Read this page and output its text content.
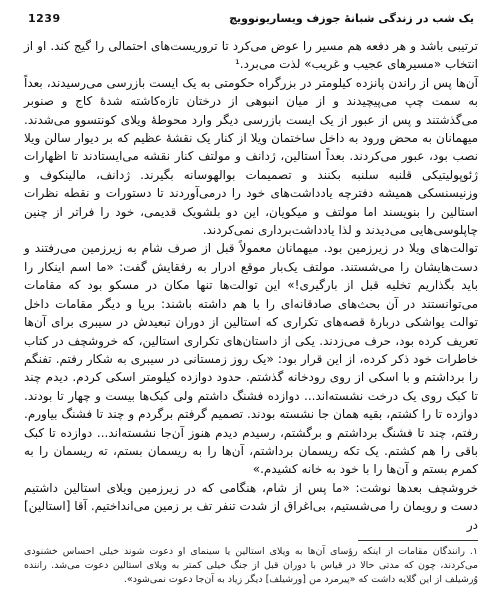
یک شب در زندگی شبانهٔ جوزف ویساریونوویچ
1239

ترتیبی باشد و هر دفعه هم مسیر را عوض می‌کرد تا تروریست‌های احتمالی را گیج کند. او از انتخاب «مسیرهای عجیب و غریب» لذت می‌برد.¹

آن‌ها پس از راندن پانزده کیلومتر در بزرگراه حکومتی به یک ایست بازرسی می‌رسیدند، بعداً به سمت چپ می‌پیچیدند و از میان انبوهی از درختان تازه‌کاشته شدهٔ کاج و صنوبر می‌گذشتند و پس از عبور از یک ایست بازرسی دیگر وارد محوطهٔ ویلای کونتسوو می‌شدند. میهمانان به محض ورود به داخل ساختمان ویلا از کنار یک نقشهٔ عظیم که بر دیوار سالن ویلا نصب بود، عبور می‌کردند. بعداً استالین، ژدانف و مولتف کنار نقشه می‌ایستادند تا اظهارات ژئوپولیتیکی قلنبه سلنبه بکنند و تصمیمات بوالهوسانه بگیرند. ژدانف، مالینکوف و وزنیسنسکی همیشه دفترچه یادداشت‌های خود را درمی‌آوردند تا دستورات و نقطه نظرات استالین را بنویسند اما مولتف و میکویان، این دو بلشویک قدیمی، خود را فراتر از چنین چاپلوسی‌هایی می‌دیدند و لذا یادداشت‌برداری نمی‌کردند.

توالت‌های ویلا در زیرزمین بود. میهمانان معمولاً قبل از صرف شام به زیرزمین می‌رفتند و دست‌هایشان را می‌شستند. مولتف یک‌بار موقع ادرار به رفقایش گفت: «ما اسم اینکار را باید بگذاریم تخلیه قبل از بارگیری!» این توالت‌ها تنها مکان در مسکو بود که مقامات می‌توانستند در آن بحث‌های صادقانه‌ای را با هم داشته باشند: بریا و دیگر مقامات داخل توالت یواشکی دربارهٔ قصه‌های تکراری که استالین از دوران تبعیدش در سیبری برای آن‌ها تعریف کرده بود، حرف می‌زدند. یکی از داستان‌های تکراری استالین، که خروشچف در کتاب خاطرات خود ذکر کرده، از این قرار بود: «یک روز زمستانی در سیبری به شکار رفتم. تفنگم را برداشتم و با اسکی از روی رودخانه گذشتم. حدود دوازده کیلومتر اسکی کردم. دیدم چند تا کبک روی یک درخت نشسته‌اند... دوازده فشنگ داشتم ولی کبک‌ها بیست و چهار تا بودند. دوازده تا را کشتم، بقیه همان جا نشسته بودند. تصمیم گرفتم برگردم و چند تا فشنگ بیاورم. رفتم، چند تا فشنگ برداشتم و برگشتم، رسیدم دیدم هنوز آن‌جا نشسته‌اند... دوازده تا کبک باقی را هم کشتم. یک تکه ریسمان برداشتم، آن‌ها را به ریسمان بستم، ته ریسمان را به کمرم بستم و آن‌ها را با خود به خانه کشیدم.»

خروشچف بعدها نوشت: «ما پس از شام، هنگامی که در زیرزمین ویلای استالین داشتیم دست و رویمان را می‌شستیم، بی‌اغراق از شدت تنفر تف بر زمین می‌انداختیم. آقا [استالین] در

۱. رانندگان مقامات از اینکه رؤسای آن‌ها به ویلای استالین یا سینمای او دعوت شوند خیلی احساس خشنودی می‌کردند، چون که مدتی حالا در قیاس با دوران قبل از جنگ خیلی کمتر به ویلای استالین دعوت می‌شد. راننده وُرشیلف از این گلایه داشت که «پیرمرد من [ورشیلف] دیگر زیاد به آن‌جا دعوت نمی‌شود».
